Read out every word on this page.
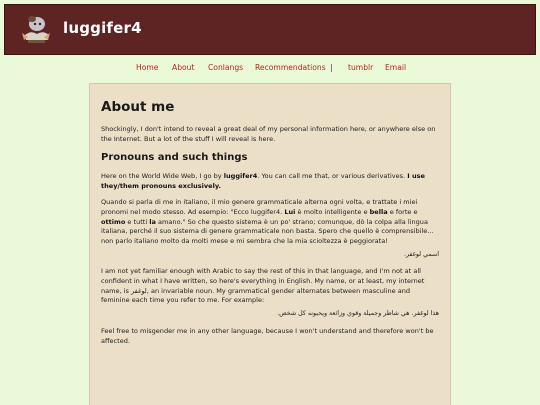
luggifer4
Home About Conlangs Recommendations | tumblr Email
About me
Shockingly, I don't intend to reveal a great deal of my personal information here, or anywhere else on the Internet. But a lot of the stuff I will reveal is here.
Pronouns and such things
Here on the World Wide Web, I go by luggifer4. You can call me that, or various derivatives. I use they/them pronouns exclusively.
Quando si parla di me in italiano, il mio genere grammaticale alterna ogni volta, e trattate i miei pronomi nel modo stesso. Ad esempio: "Ecco luggifer4. Lui è molto intelligente e bella e forte e ottimo e tutti la amano." So che questo sistema è un po' strano; comunque, dò la colpa alla lingua italiana, perché il suo sistema di genere grammaticale non basta. Spero che quello è comprensibile... non parlo italiano molto da molti mese e mi sembra che la mia scioltezza è peggiorata!
اسمي لوغفر.
I am not yet familiar enough with Arabic to say the rest of this in that language, and I'm not at all confident in what I have written, so here's everything in English. My name, or at least, my internet name, is لوغفر, an invariable noun. My grammatical gender alternates between masculine and feminine each time you refer to me. For example:
هذا لوغفر. هي شاطر وجميلة وقوي وزائعة ويحبونه كل شخص.
Feel free to misgender me in any other language, because I won't understand and therefore won't be affected.
